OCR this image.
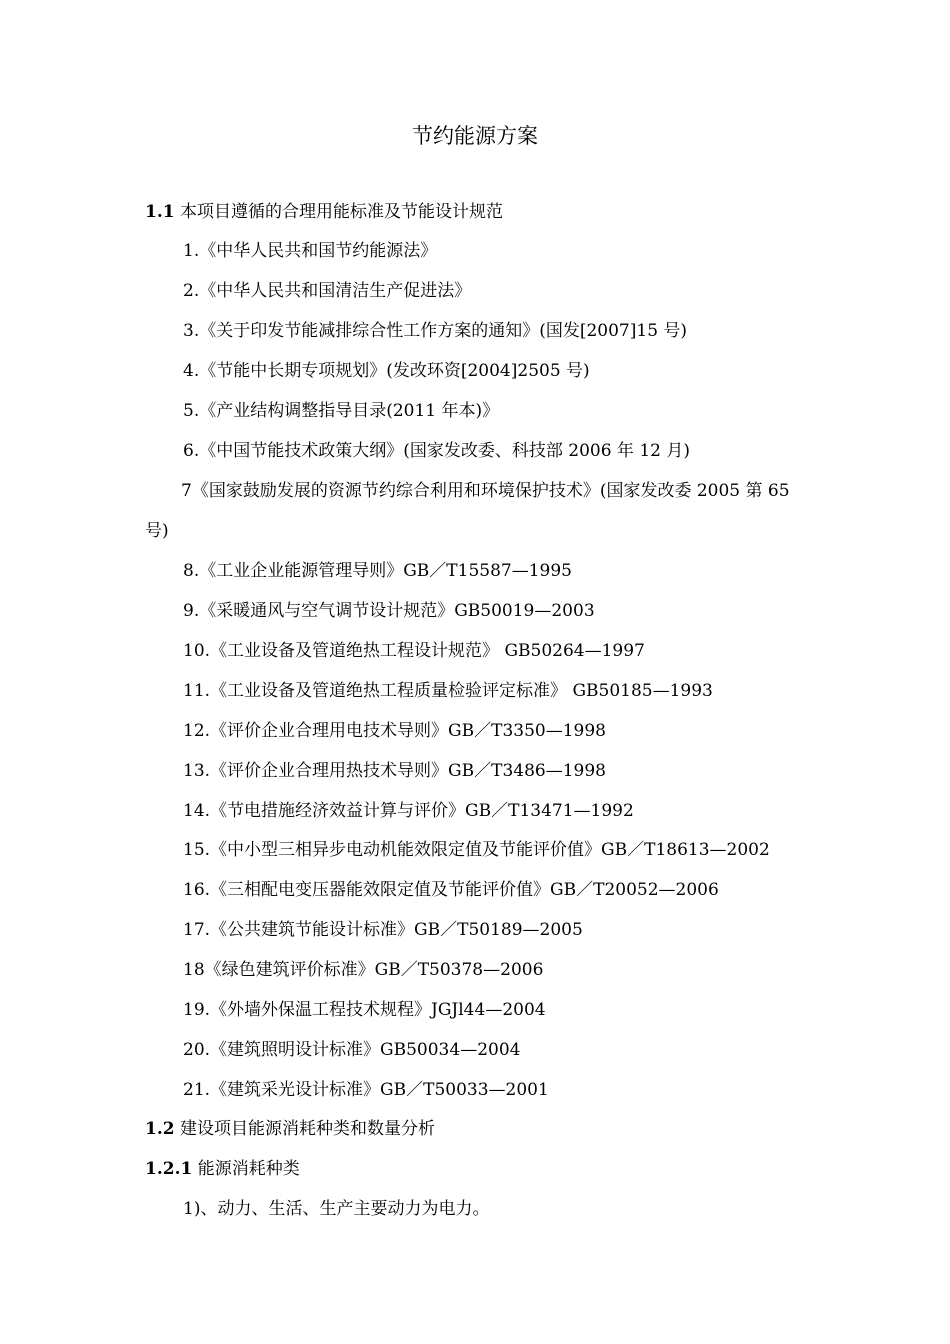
节约能源方案
1.1 本项目遵循的合理用能标准及节能设计规范
1.《中华人民共和国节约能源法》
2.《中华人民共和国清洁生产促进法》
3.《关于印发节能减排综合性工作方案的通知》(国发[2007]15 号)
4.《节能中长期专项规划》(发改环资[2004]2505 号)
5.《产业结构调整指导目录(2011 年本)》
6.《中国节能技术政策大纲》(国家发改委、科技部 2006 年 12 月)
7《国家鼓励发展的资源节约综合利用和环境保护技术》(国家发改委 2005 第 65 号)
8.《工业企业能源管理导则》GB／T15587—1995
9.《采暖通风与空气调节设计规范》GB50019—2003
10.《工业设备及管道绝热工程设计规范》 GB50264—1997
11.《工业设备及管道绝热工程质量检验评定标准》 GB50185—1993
12.《评价企业合理用电技术导则》GB／T3350—1998
13.《评价企业合理用热技术导则》GB／T3486—1998
14.《节电措施经济效益计算与评价》GB／T13471—1992
15.《中小型三相异步电动机能效限定值及节能评价值》GB／T18613—2002
16.《三相配电变压器能效限定值及节能评价值》GB／T20052—2006
17.《公共建筑节能设计标准》GB／T50189—2005
18《绿色建筑评价标准》GB／T50378—2006
19.《外墙外保温工程技术规程》JGJl44—2004
20.《建筑照明设计标准》GB50034—2004
21.《建筑采光设计标准》GB／T50033—2001
1.2 建设项目能源消耗种类和数量分析
1.2.1 能源消耗种类
1)、动力、生活、生产主要动力为电力。
